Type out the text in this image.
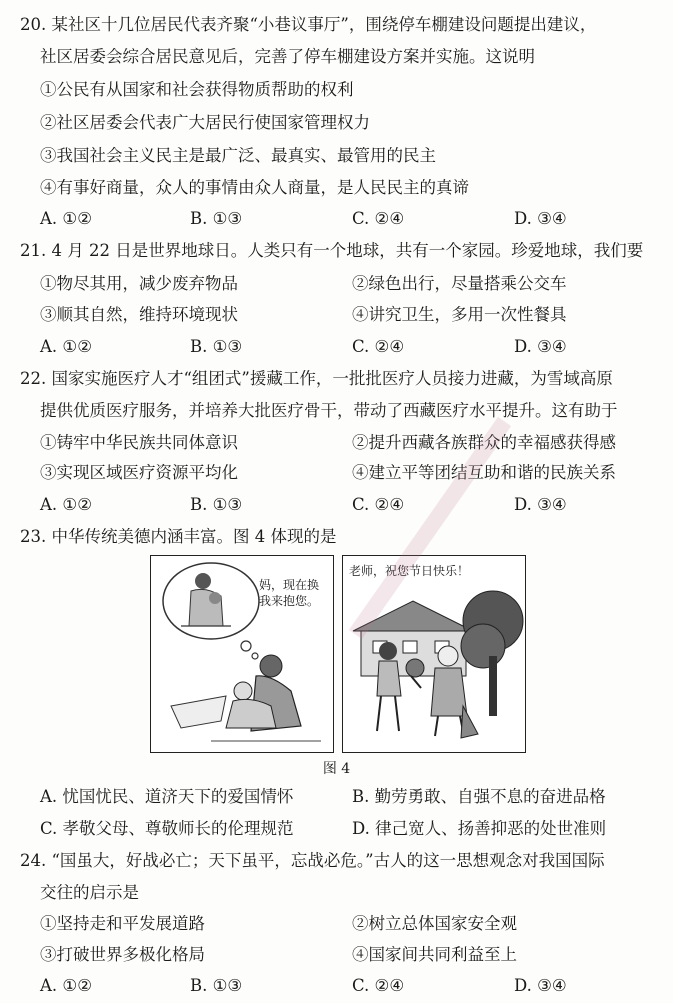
20. 某社区十几位居民代表齐聚“小巷议事厅”，围绕停车棚建设问题提出建议，
社区居委会综合居民意见后，完善了停车棚建设方案并实施。这说明
①公民有从国家和社会获得物质帮助的权利
②社区居委会代表广大居民行使国家管理权力
③我国社会主义民主是最广泛、最真实、最管用的民主
④有事好商量，众人的事情由众人商量，是人民民主的真谛
A. ①②	B. ①③	C. ②④	D. ③④
21. 4 月 22 日是世界地球日。人类只有一个地球，共有一个家园。珍爱地球，我们要
①物尽其用，减少废弃物品	②绿色出行，尽量搭乘公交车
③顺其自然，维持环境现状	④讲究卫生，多用一次性餐具
A. ①②	B. ①③	C. ②④	D. ③④
22. 国家实施医疗人才“组团式”援藏工作，一批批医疗人员接力进藏，为雪域高原
提供优质医疗服务，并培养大批医疗骨干，带动了西藏医疗水平提升。这有助于
①铸牢中华民族共同体意识	②提升西藏各族群众的幸福感获得感
③实现区域医疗资源平均化	④建立平等团结互助和谐的民族关系
A. ①②	B. ①③	C. ②④	D. ③④
23. 中华传统美德内涵丰富。图 4 体现的是
妈，现在换
我来抱您。
老师，祝您节日快乐！
图 4
A. 忧国忧民、道济天下的爱国情怀	B. 勤劳勇敢、自强不息的奋进品格
C. 孝敬父母、尊敬师长的伦理规范	D. 律己宽人、扬善抑恶的处世准则
24. “国虽大，好战必亡；天下虽平，忘战必危。”古人的这一思想观念对我国国际
交往的启示是
①坚持走和平发展道路	②树立总体国家安全观
③打破世界多极化格局	④国家间共同利益至上
A. ①②	B. ①③	C. ②④	D. ③④
